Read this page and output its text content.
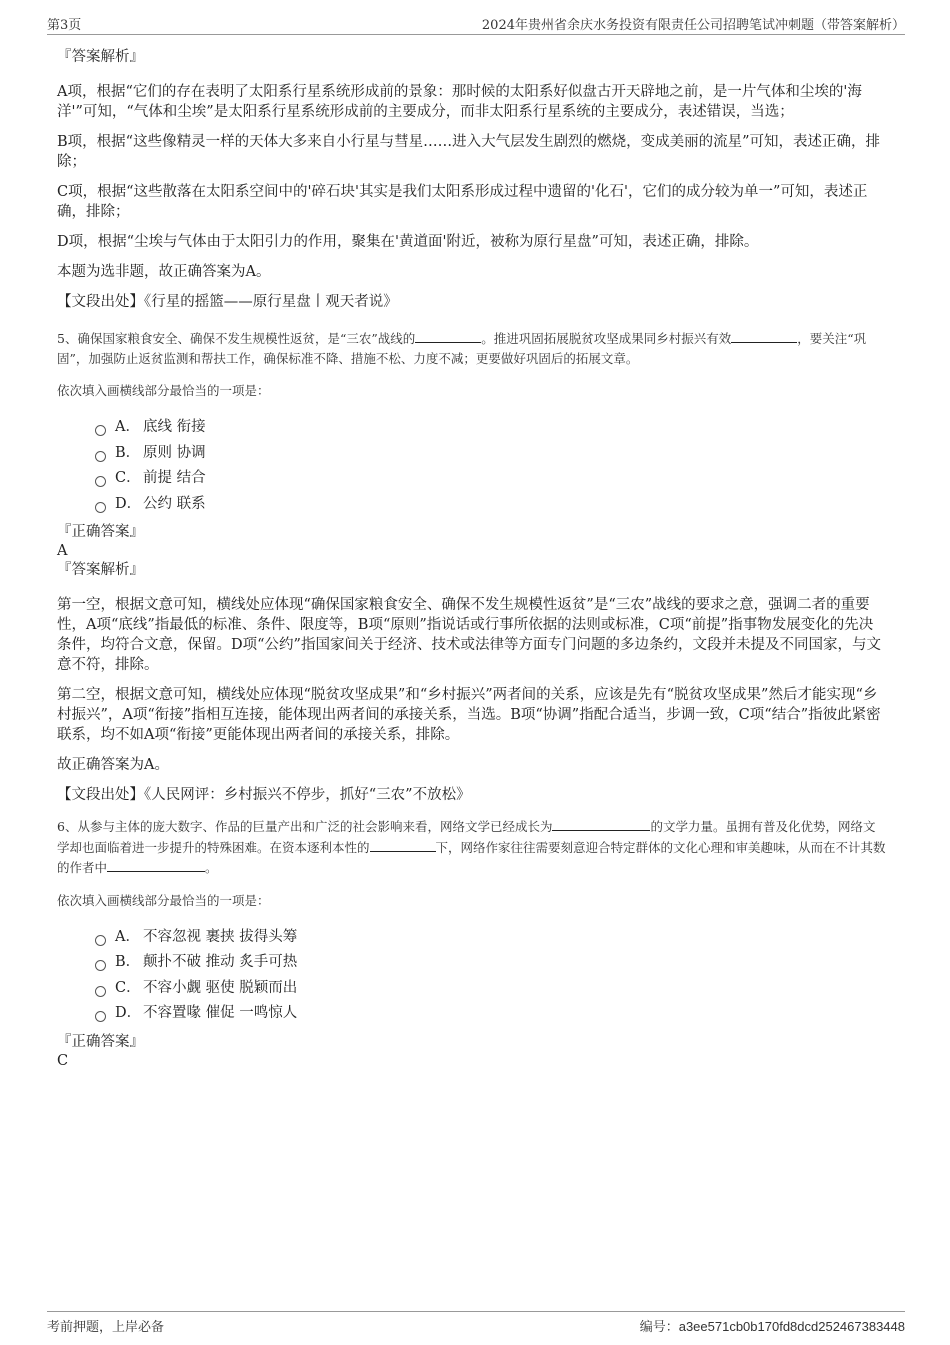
第3页	2024年贵州省余庆水务投资有限责任公司招聘笔试冲刺题（带答案解析）

『答案解析』

A项，根据“它们的存在表明了太阳系行星系统形成前的景象：那时候的太阳系好似盘古开天辟地之前，是一片气体和尘埃的'海洋'”可知，“气体和尘埃”是太阳系行星系统形成前的主要成分，而非太阳系行星系统的主要成分，表述错误，当选；

B项，根据“这些像精灵一样的天体大多来自小行星与彗星……进入大气层发生剧烈的燃烧，变成美丽的流星”可知，表述正确，排除；

C项，根据“这些散落在太阳系空间中的'碎石块'其实是我们太阳系形成过程中遗留的'化石'，它们的成分较为单一”可知，表述正确，排除；

D项，根据“尘埃与气体由于太阳引力的作用，聚集在'黄道面'附近，被称为原行星盘”可知，表述正确，排除。

本题为选非题，故正确答案为A。

【文段出处】《行星的摇篮——原行星盘丨观天者说》

5、确保国家粮食安全、确保不发生规模性返贫，是“三农”战线的	。推进巩固拓展脱贫攻坚成果同乡村振兴有效	，要关注“巩固”，加强防止返贫监测和帮扶工作，确保标准不降、措施不松、力度不减；更要做好巩固后的拓展文章。

依次填入画横线部分最恰当的一项是：

A． 底线 衔接
B． 原则 协调
C． 前提 结合
D． 公约 联系

『正确答案』

A

『答案解析』

第一空，根据文意可知，横线处应体现“确保国家粮食安全、确保不发生规模性返贫”是“三农”战线的要求之意，强调二者的重要性，A项“底线”指最低的标准、条件、限度等，B项“原则”指说话或行事所依据的法则或标准，C项“前提”指事物发展变化的先决条件，均符合文意，保留。D项“公约”指国家间关于经济、技术或法律等方面专门问题的多边条约，文段并未提及不同国家，与文意不符，排除。

第二空，根据文意可知，横线处应体现“脱贫攻坚成果”和“乡村振兴”两者间的关系，应该是先有“脱贫攻坚成果”然后才能实现“乡村振兴”，A项“衔接”指相互连接，能体现出两者间的承接关系，当选。B项“协调”指配合适当，步调一致，C项“结合”指彼此紧密联系，均不如A项“衔接”更能体现出两者间的承接关系，排除。

故正确答案为A。

【文段出处】《人民网评：乡村振兴不停步，抓好“三农”不放松》

6、从参与主体的庞大数字、作品的巨量产出和广泛的社会影响来看，网络文学已经成长为	的文学力量。虽拥有普及化优势，网络文学却也面临着进一步提升的特殊困难。在资本逐利本性的	下，网络作家往往需要刻意迎合特定群体的文化心理和审美趣味，从而在不计其数的作者中	。

依次填入画横线部分最恰当的一项是：

A． 不容忽视 裹挟 拔得头筹
B． 颠扑不破 推动 炙手可热
C． 不容小觑 驱使 脱颖而出
D． 不容置喙 催促 一鸣惊人

『正确答案』

C

考前押题，上岸必备	编号：a3ee571cb0b170fd8dcd252467383448
